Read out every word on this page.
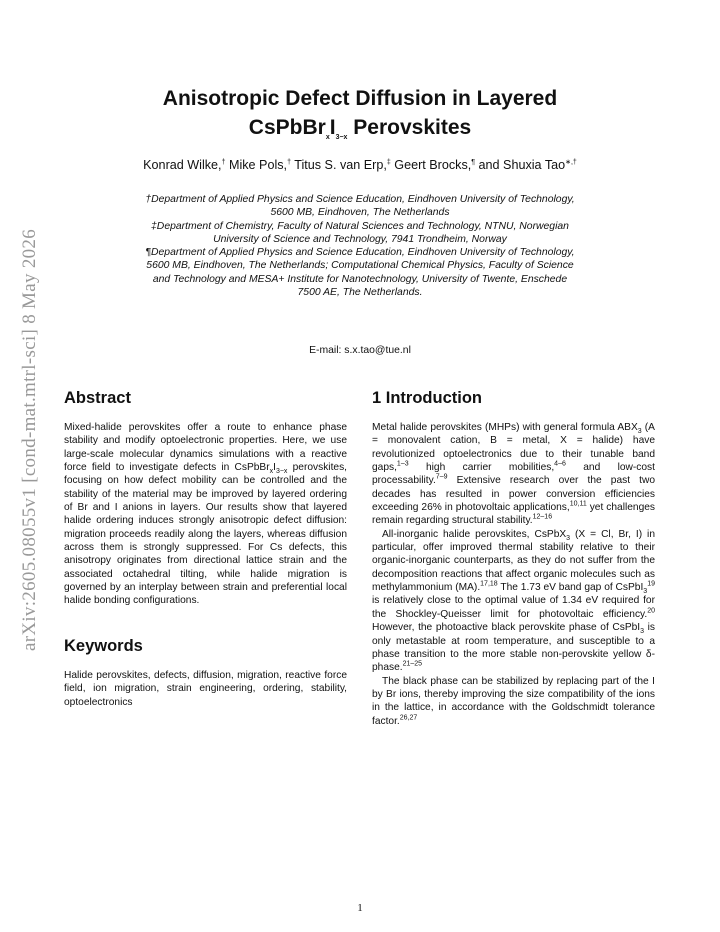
arXiv:2605.08055v1 [cond-mat.mtrl-sci] 8 May 2026
Anisotropic Defect Diffusion in Layered
$CsPbBr_xI_{3-x}$ Perovskites
Konrad Wilke,† Mike Pols,† Titus S. van Erp,‡ Geert Brocks,¶ and Shuxia Tao∗,†
†Department of Applied Physics and Science Education, Eindhoven University of Technology,
5600 MB, Eindhoven, The Netherlands
‡Department of Chemistry, Faculty of Natural Sciences and Technology, NTNU, Norwegian
University of Science and Technology, 7941 Trondheim, Norway
¶Department of Applied Physics and Science Education, Eindhoven University of Technology,
5600 MB, Eindhoven, The Netherlands; Computational Chemical Physics, Faculty of Science
and Technology and MESA+ Institute for Nanotechnology, University of Twente, Enschede
7500 AE, The Netherlands.
E-mail: s.x.tao@tue.nl
Abstract

Mixed-halide perovskites offer a route to enhance phase stability and modify optoelectronic properties. Here, we use large-scale molecular dynamics simulations with a reactive force field to investigate defects in $CsPbBr_xI_{3-x}$ perovskites, focusing on how defect mobility can be controlled and the stability of the material may be improved by layered ordering of Br and I anions in layers. Our results show that layered halide ordering induces strongly anisotropic defect diffusion: migration proceeds readily along the layers, whereas diffusion across them is strongly suppressed. For Cs defects, this anisotropy originates from directional lattice strain and the associated octahedral tilting, while halide migration is governed by an interplay between strain and preferential local halide bonding configurations.

Keywords

Halide perovskites, defects, diffusion, migration, reactive force field, ion migration, strain engineering, ordering, stability, optoelectronics

1 Introduction

Metal halide perovskites (MHPs) with general formula $ABX_3$ (A = monovalent cation, B = metal, X = halide) have revolutionized optoelectronics due to their tunable band gaps,$^{1-3}$ high carrier mobilities,$^{4-6}$ and low-cost processability.$^{7-9}$ Extensive research over the past two decades has resulted in power conversion efficiencies exceeding 26% in photovoltaic applications,$^{10,11}$ yet challenges remain regarding structural stability.$^{12-16}$

All-inorganic halide perovskites, CsPbX$_3$ (X = Cl, Br, I) in particular, offer improved thermal stability relative to their organic-inorganic counterparts, as they do not suffer from the decomposition reactions that affect organic molecules such as methylammonium (MA).$^{17,18}$ The 1.73 eV band gap of CsPbI$_3^{19}$ is relatively close to the optimal value of 1.34 eV required for the Shockley-Queisser limit for photovoltaic efficiency.$^{20}$ However, the photoactive black perovskite phase of CsPbI$_3$ is only metastable at room temperature, and susceptible to a phase transition to the more stable non-perovskite yellow δ-phase.$^{21-25}$

The black phase can be stabilized by replacing part of the I by Br ions, thereby improving the size compatibility of the ions in the lattice, in accordance with the Goldschmidt tolerance factor.$^{26,27}$

1
